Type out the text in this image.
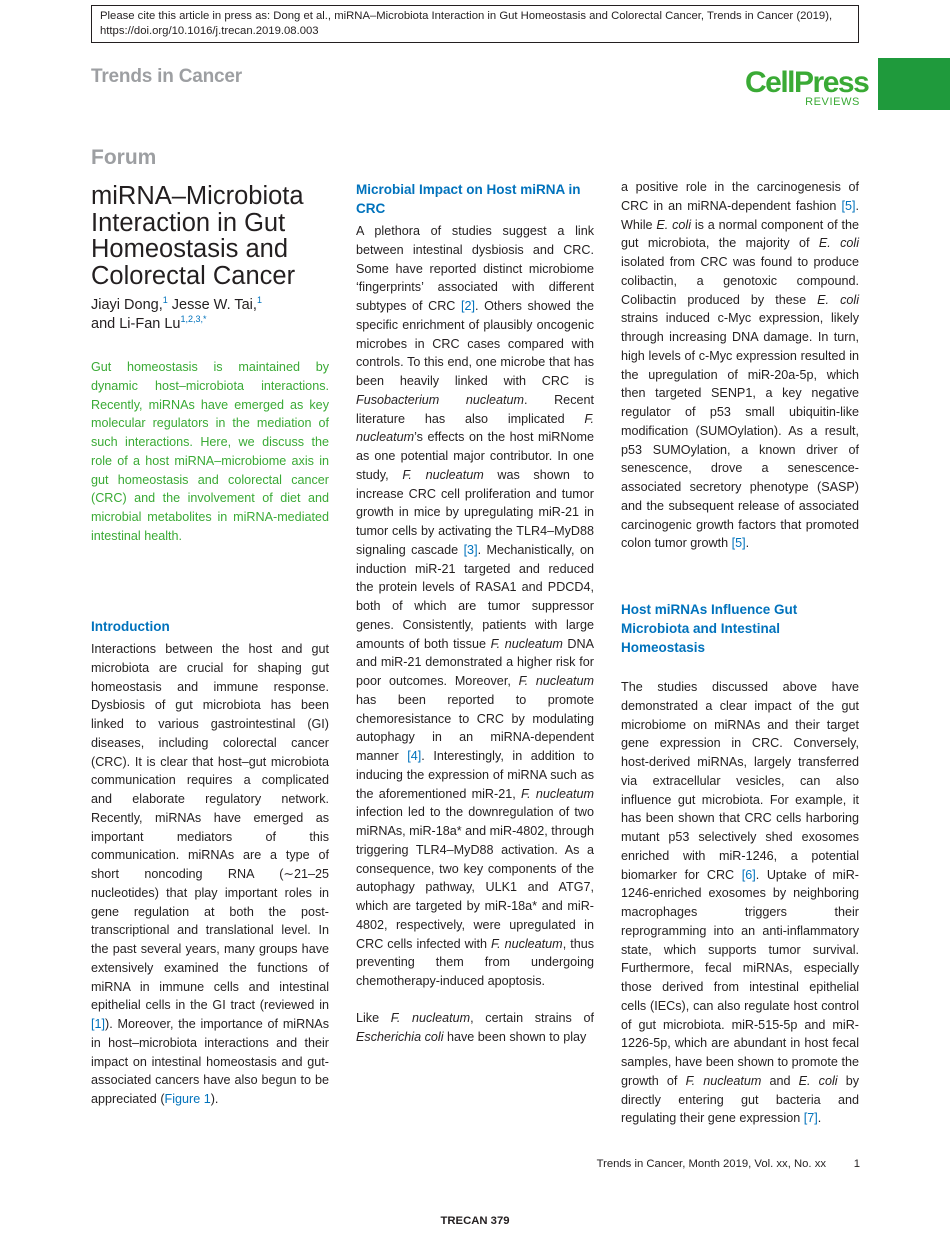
Please cite this article in press as: Dong et al., miRNA–Microbiota Interaction in Gut Homeostasis and Colorectal Cancer, Trends in Cancer (2019), https://doi.org/10.1016/j.trecan.2019.08.003
Trends in Cancer	CellPress
REVIEWS
Forum
miRNA–Microbiota Interaction in Gut Homeostasis and Colorectal Cancer
Jiayi Dong,$^1$ Jesse W. Tai,$^1$
and Li-Fan $Lu^{1,2,3,*}$

Gut homeostasis is maintained by dynamic host–microbiota interactions. Recently, miRNAs have emerged as key molecular regulators in the mediation of such interactions. Here, we discuss the role of a host miRNA–microbiome axis in gut homeostasis and colorectal cancer (CRC) and the involvement of diet and microbial metabolites in miRNA-mediated intestinal health.

Introduction

Interactions between the host and gut microbiota are crucial for shaping gut homeostasis and immune response. Dysbiosis of gut microbiota has been linked to various gastrointestinal (GI) diseases, including colorectal cancer (CRC). It is clear that host–gut microbiota communication requires a complicated and elaborate regulatory network. Recently, miRNAs have emerged as important mediators of this communication. miRNAs are a type of short noncoding RNA (∼21–25 nucleotides) that play important roles in gene regulation at both the post-transcriptional and translational level. In the past several years, many groups have extensively examined the functions of miRNA in immune cells and intestinal epithelial cells in the GI tract (reviewed in [1]). Moreover, the importance of miRNAs in host–microbiota interactions and their impact on intestinal homeostasis and gut-associated cancers have also begun to be appreciated (Figure 1).

Microbial Impact on Host miRNA in CRC

A plethora of studies suggest a link between intestinal dysbiosis and CRC. Some have reported distinct microbiome ‘fingerprints’ associated with different subtypes of CRC [2]. Others showed the specific enrichment of plausibly oncogenic microbes in CRC cases compared with controls. To this end, one microbe that has been heavily linked with CRC is Fusobacterium nucleatum. Recent literature has also implicated F. nucleatum’s effects on the host miRNome as one potential major contributor. In one study, F. nucleatum was shown to increase CRC cell proliferation and tumor growth in mice by upregulating miR-21 in tumor cells by activating the TLR4–MyD88 signaling cascade [3]. Mechanistically, on induction miR-21 targeted and reduced the protein levels of RASA1 and PDCD4, both of which are tumor suppressor genes. Consistently, patients with large amounts of both tissue F. nucleatum DNA and miR-21 demonstrated a higher risk for poor outcomes. Moreover, F. nucleatum has been reported to promote chemoresistance to CRC by modulating autophagy in an miRNA-dependent manner [4]. Interestingly, in addition to inducing the expression of miRNA such as the aforementioned miR-21, F. nucleatum infection led to the downregulation of two miRNAs, miR-18a* and miR-4802, through triggering TLR4–MyD88 activation. As a consequence, two key components of the autophagy pathway, ULK1 and ATG7, which are targeted by miR-18a* and miR-4802, respectively, were upregulated in CRC cells infected with F. nucleatum, thus preventing them from undergoing chemotherapy-induced apoptosis.

Like F. nucleatum, certain strains of Escherichia coli have been shown to play

a positive role in the carcinogenesis of CRC in an miRNA-dependent fashion [5]. While E. coli is a normal component of the gut microbiota, the majority of E. coli isolated from CRC was found to produce colibactin, a genotoxic compound. Colibactin produced by these E. coli strains induced c-Myc expression, likely through increasing DNA damage. In turn, high levels of c-Myc expression resulted in the upregulation of miR-20a-5p, which then targeted SENP1, a key negative regulator of p53 small ubiquitin-like modification (SUMOylation). As a result, p53 SUMOylation, a known driver of senescence, drove a senescence-associated secretory phenotype (SASP) and the subsequent release of associated carcinogenic growth factors that promoted colon tumor growth [5].

The studies discussed above have demonstrated a clear impact of the gut microbiome on miRNAs and their target gene expression in CRC. Conversely, host-derived miRNAs, largely transferred via extracellular vesicles, can also influence gut microbiota. For example, it has been shown that CRC cells harboring mutant p53 selectively shed exosomes enriched with miR-1246, a potential biomarker for CRC [6]. Uptake of miR-1246-enriched exosomes by neighboring macrophages triggers their reprogramming into an anti-inflammatory state, which supports tumor survival. Furthermore, fecal miRNAs, especially those derived from intestinal epithelial cells (IECs), can also regulate host control of gut microbiota. miR-515-5p and miR-1226-5p, which are abundant in host fecal samples, have been shown to promote the growth of F. nucleatum and E. coli by directly entering gut bacteria and regulating their gene expression [7].

Host miRNAs Influence Gut Microbiota and Intestinal Homeostasis
Trends in Cancer, Month 2019, Vol. xx, No. xx	1
TRECAN 379
